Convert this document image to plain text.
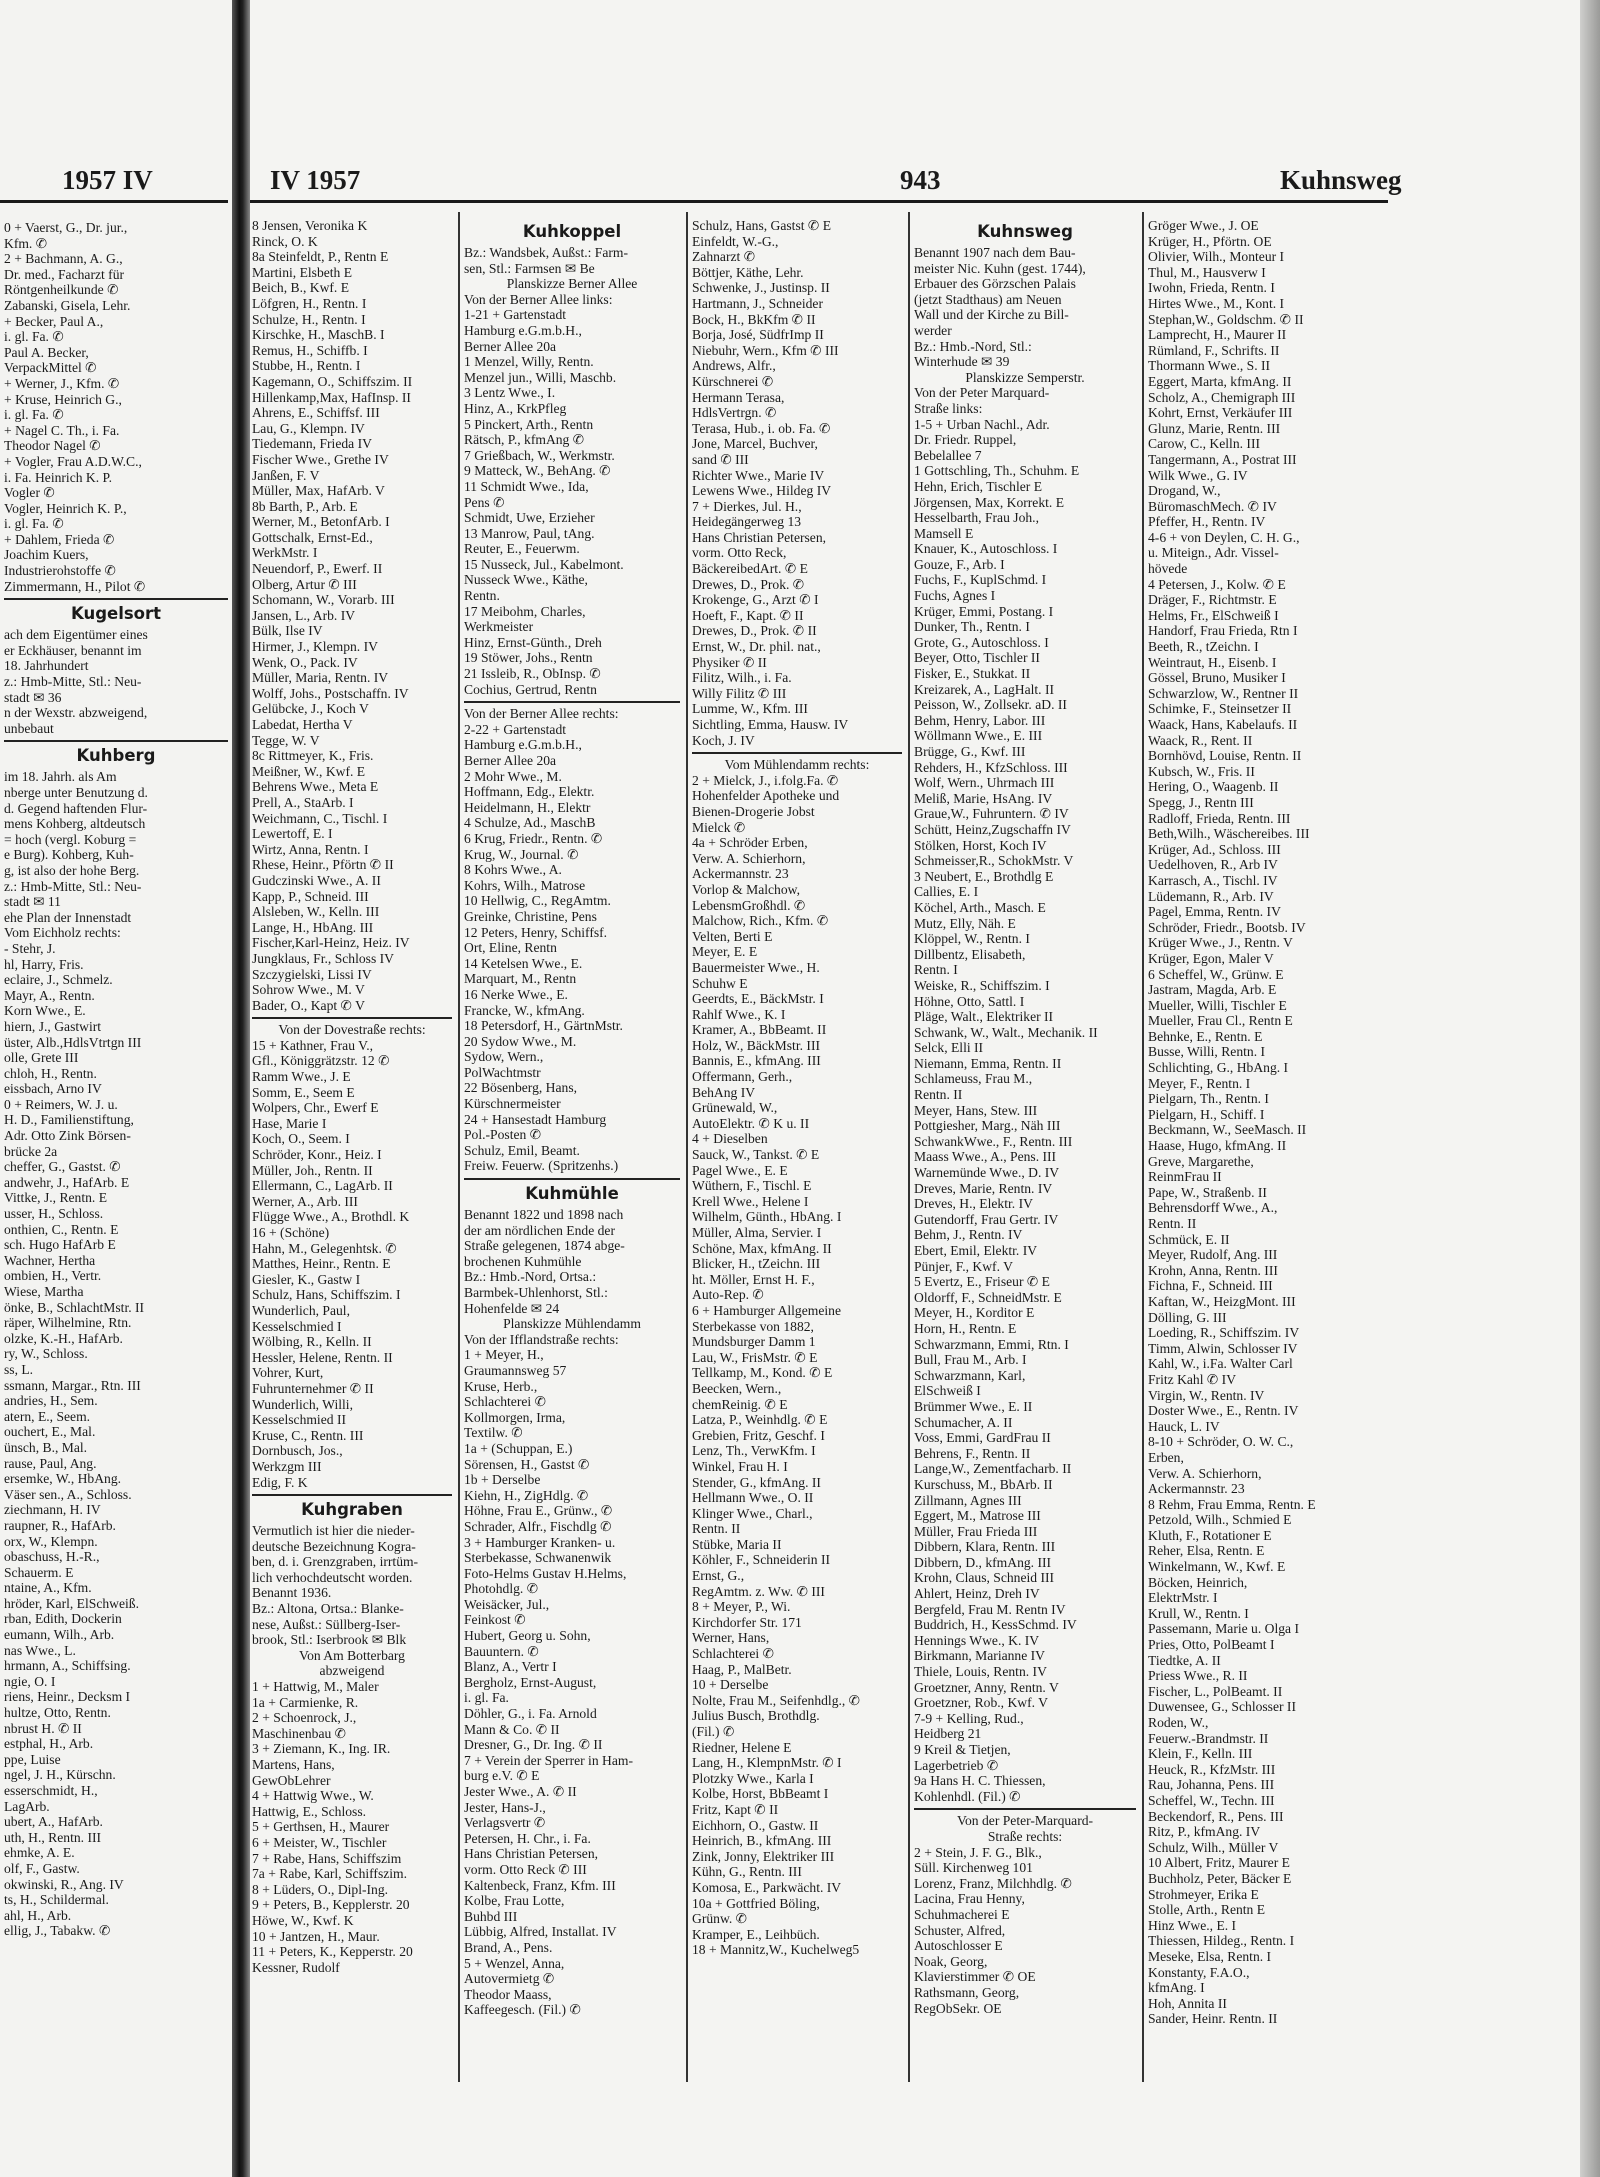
1957 IV
0 + Vaerst, G., Dr. jur.,
Kfm. ✆
2 + Bachmann, A. G.,
Dr. med., Facharzt für
Röntgenheilkunde ✆
Zabanski, Gisela, Lehr.
+ Becker, Paul A.,
i. gl. Fa. ✆
Paul A. Becker,
VerpackMittel ✆
+ Werner, J., Kfm. ✆
+ Kruse, Heinrich G.,
i. gl. Fa. ✆
+ Nagel C. Th., i. Fa.
Theodor Nagel ✆
+ Vogler, Frau A.D.W.C.,
i. Fa. Heinrich K. P.
Vogler ✆
Vogler, Heinrich K. P.,
i. gl. Fa. ✆
+ Dahlem, Frieda ✆
Joachim Kuers,
Industrierohstoffe ✆
Zimmermann, H., Pilot ✆
Kugelsort
ach dem Eigentümer eines
er Eckhäuser, benannt im
18. Jahrhundert
z.: Hmb-Mitte, Stl.: Neu-
stadt ✉ 36
n der Wexstr. abzweigend,
unbebaut
Kuhberg
im 18. Jahrh. als Am
nberge unter Benutzung d.
d. Gegend haftenden Flur-
mens Kohberg, altdeutsch
= hoch (vergl. Koburg =
e Burg). Kohberg, Kuh-
g, ist also der hohe Berg.
z.: Hmb-Mitte, Stl.: Neu-
stadt ✉ 11
ehe Plan der Innenstadt
Vom Eichholz rechts:
- Stehr, J.
hl, Harry, Fris.
eclaire, J., Schmelz.
Mayr, A., Rentn.
Korn Wwe., E.
hiern, J., Gastwirt
üster, Alb.,HdlsVtrtgn III
olle, Grete III
chloh, H., Rentn.
eissbach, Arno IV
0 + Reimers, W. J. u.
H. D., Familienstiftung,
Adr. Otto Zink Börsen-
brücke 2a
cheffer, G., Gastst. ✆
andwehr, J., HafArb. E
Vittke, J., Rentn. E
usser, H., Schloss.
onthien, C., Rentn. E
sch. Hugo HafArb E
Wachner, Hertha
ombien, H., Vertr.
Wiese, Martha
önke, B., SchlachtMstr. II
räper, Wilhelmine, Rtn.
olzke, K.-H., HafArb.
ry, W., Schloss.
ss, L.
ssmann, Margar., Rtn. III
andries, H., Sem.
atern, E., Seem.
ouchert, E., Mal.
ünsch, B., Mal.
rause, Paul, Ang.
ersemke, W., HbAng.
Väser sen., A., Schloss.
ziechmann, H. IV
raupner, R., HafArb.
orx, W., Klempn.
obaschuss, H.-R.,
Schauerm. E
ntaine, A., Kfm.
hröder, Karl, ElSchweiß.
rban, Edith, Dockerin
eumann, Wilh., Arb.
nas Wwe., L.
hrmann, A., Schiffsing.
ngie, O. I
riens, Heinr., Decksm I
hultze, Otto, Rentn.
nbrust H. ✆ II
estphal, H., Arb.
ppe, Luise
ngel, J. H., Kürschn.
esserschmidt, H.,
LagArb.
ubert, A., HafArb.
uth, H., Rentn. III
ehmke, A. E.
olf, F., Gastw.
okwinski, R., Ang. IV
ts, H., Schildermal.
ahl, H., Arb.
ellig, J., Tabakw. ✆
IV 1957	943	Kuhnsweg
8 Jensen, Veronika K
Rinck, O. K
8a Steinfeldt, P., Rentn E
Martini, Elsbeth E
Beich, B., Kwf. E
Löfgren, H., Rentn. I
Schulze, H., Rentn. I
Kirschke, H., MaschB. I
Remus, H., Schiffb. I
Stubbe, H., Rentn. I
Kagemann, O., Schiffszim. II
Hillenkamp,Max, HafInsp. II
Ahrens, E., Schiffsf. III
Lau, G., Klempn. IV
Tiedemann, Frieda IV
Fischer Wwe., Grethe IV
Janßen, F. V
Müller, Max, HafArb. V
8b Barth, P., Arb. E
Werner, M., BetonfArb. I
Gottschalk, Ernst-Ed.,
WerkMstr. I
Neuendorf, P., Ewerf. II
Olberg, Artur ✆ III
Schomann, W., Vorarb. III
Jansen, L., Arb. IV
Bülk, Ilse IV
Hirmer, J., Klempn. IV
Wenk, O., Pack. IV
Müller, Maria, Rentn. IV
Wolff, Johs., Postschaffn. IV
Gelübcke, J., Koch V
Labedat, Hertha V
Tegge, W. V
8c Rittmeyer, K., Fris.
Meißner, W., Kwf. E
Behrens Wwe., Meta E
Prell, A., StaArb. I
Weichmann, C., Tischl. I
Lewertoff, E. I
Wirtz, Anna, Rentn. I
Rhese, Heinr., Pförtn ✆ II
Gudczinski Wwe., A. II
Kapp, P., Schneid. III
Alsleben, W., Kelln. III
Lange, H., HbAng. III
Fischer,Karl-Heinz, Heiz. IV
Jungklaus, Fr., Schloss IV
Szczygielski, Lissi IV
Sohrow Wwe., M. V
Bader, O., Kapt ✆ V
Von der Dovestraße rechts:
15 + Kathner, Frau V.,
Gfl., Königgrätzstr. 12 ✆
Ramm Wwe., J. E
Somm, E., Seem E
Wolpers, Chr., Ewerf E
Hase, Marie I
Koch, O., Seem. I
Schröder, Konr., Heiz. I
Müller, Joh., Rentn. II
Ellermann, C., LagArb. II
Werner, A., Arb. III
Flügge Wwe., A., Brothdl. K
16 + (Schöne)
Hahn, M., Gelegenhtsk. ✆
Matthes, Heinr., Rentn. E
Giesler, K., Gastw I
Schulz, Hans, Schiffszim. I
Wunderlich, Paul,
Kesselschmied I
Wölbing, R., Kelln. II
Hessler, Helene, Rentn. II
Vohrer, Kurt,
Fuhrunternehmer ✆ II
Wunderlich, Willi,
Kesselschmied II
Kruse, C., Rentn. III
Dornbusch, Jos.,
Werkzgm III
Edig, F. K
Kuhgraben
Vermutlich ist hier die nieder-
deutsche Bezeichnung Kogra-
ben, d. i. Grenzgraben, irrtüm-
lich verhochdeutscht worden.
Benannt 1936.
Bz.: Altona, Ortsa.: Blanke-
nese, Außst.: Süllberg-Iser-
brook, Stl.: Iserbrook ✉ Blk
Von Am Botterbarg
abzweigend
1 + Hattwig, M., Maler
1a + Carmienke, R.
2 + Schoenrock, J.,
Maschinenbau ✆
3 + Ziemann, K., Ing. IR.
Martens, Hans,
GewObLehrer
4 + Hattwig Wwe., W.
Hattwig, E., Schloss.
5 + Gerthsen, H., Maurer
6 + Meister, W., Tischler
7 + Rabe, Hans, Schiffszim
7a + Rabe, Karl, Schiffszim.
8 + Lüders, O., Dipl-Ing.
9 + Peters, B., Kepplerstr. 20
Höwe, W., Kwf. K
10 + Jantzen, H., Maur.
11 + Peters, K., Kepperstr. 20
Kessner, Rudolf
Kuhkoppel
Bz.: Wandsbek, Außst.: Farm-
sen, Stl.: Farmsen ✉ Be
Planskizze Berner Allee
Von der Berner Allee links:
1-21 + Gartenstadt
Hamburg e.G.m.b.H.,
Berner Allee 20a
1 Menzel, Willy, Rentn.
Menzel jun., Willi, Maschb.
3 Lentz Wwe., I.
Hinz, A., KrkPfleg
5 Pinckert, Arth., Rentn
Rätsch, P., kfmAng ✆
7 Grießbach, W., Werkmstr.
9 Matteck, W., BehAng. ✆
11 Schmidt Wwe., Ida,
Pens ✆
Schmidt, Uwe, Erzieher
13 Manrow, Paul, tAng.
Reuter, E., Feuerwm.
15 Nusseck, Jul., Kabelmont.
Nusseck Wwe., Käthe,
Rentn.
17 Meibohm, Charles,
Werkmeister
Hinz, Ernst-Günth., Dreh
19 Stöwer, Johs., Rentn
21 Issleib, R., ObInsp. ✆
Cochius, Gertrud, Rentn
Von der Berner Allee rechts:
2-22 + Gartenstadt
Hamburg e.G.m.b.H.,
Berner Allee 20a
2 Mohr Wwe., M.
Hoffmann, Edg., Elektr.
Heidelmann, H., Elektr
4 Schulze, Ad., MaschB
6 Krug, Friedr., Rentn. ✆
Krug, W., Journal. ✆
8 Kohrs Wwe., A.
Kohrs, Wilh., Matrose
10 Hellwig, C., RegAmtm.
Greinke, Christine, Pens
12 Peters, Henry, Schiffsf.
Ort, Eline, Rentn
14 Ketelsen Wwe., E.
Marquart, M., Rentn
16 Nerke Wwe., E.
Francke, W., kfmAng.
18 Petersdorf, H., GärtnMstr.
20 Sydow Wwe., M.
Sydow, Wern.,
PolWachtmstr
22 Bösenberg, Hans,
Kürschnermeister
24 + Hansestadt Hamburg
Pol.-Posten ✆
Schulz, Emil, Beamt.
Freiw. Feuerw. (Spritzenhs.)
Kuhmühle
Benannt 1822 und 1898 nach
der am nördlichen Ende der
Straße gelegenen, 1874 abge-
brochenen Kuhmühle
Bz.: Hmb.-Nord, Ortsa.:
Barmbek-Uhlenhorst, Stl.:
Hohenfelde ✉ 24
Planskizze Mühlendamm
Von der Ifflandstraße rechts:
1 + Meyer, H.,
Graumannsweg 57
Kruse, Herb.,
Schlachterei ✆
Kollmorgen, Irma,
Textilw. ✆
1a + (Schuppan, E.)
Sörensen, H., Gastst ✆
1b + Derselbe
Kiehn, H., ZigHdlg. ✆
Höhne, Frau E., Grünw., ✆
Schrader, Alfr., Fischdlg ✆
3 + Hamburger Kranken- u.
Sterbekasse, Schwanenwik
Foto-Helms Gustav H.Helms,
Photohdlg. ✆
Weisäcker, Jul.,
Feinkost ✆
Hubert, Georg u. Sohn,
Bauuntern. ✆
Blanz, A., Vertr I
Bergholz, Ernst-August,
i. gl. Fa.
Döhler, G., i. Fa. Arnold
Mann & Co. ✆ II
Dresner, G., Dr. Ing. ✆ II
7 + Verein der Sperrer in Ham-
burg e.V. ✆ E
Jester Wwe., A. ✆ II
Jester, Hans-J.,
Verlagsvertr ✆
Petersen, H. Chr., i. Fa.
Hans Christian Petersen,
vorm. Otto Reck ✆ III
Kaltenbeck, Franz, Kfm. III
Kolbe, Frau Lotte,
Buhbd III
Lübbig, Alfred, Installat. IV
Brand, A., Pens.
5 + Wenzel, Anna,
Autovermietg ✆
Theodor Maass,
Kaffeegesch. (Fil.) ✆
Schulz, Hans, Gastst ✆ E
Einfeldt, W.-G.,
Zahnarzt ✆
Böttjer, Käthe, Lehr.
Schwenke, J., Justinsp. II
Hartmann, J., Schneider
Bock, H., BkKfm ✆ II
Borja, José, SüdfrImp II
Niebuhr, Wern., Kfm ✆ III
Andrews, Alfr.,
Kürschnerei ✆
Hermann Terasa,
HdlsVertrgn. ✆
Terasa, Hub., i. ob. Fa. ✆
Jone, Marcel, Buchver,
sand ✆ III
Richter Wwe., Marie IV
Lewens Wwe., Hildeg IV
7 + Dierkes, Jul. H.,
Heidegängerweg 13
Hans Christian Petersen,
vorm. Otto Reck,
BäckereibedArt. ✆ E
Drewes, D., Prok. ✆
Krokenge, G., Arzt ✆ I
Hoeft, F., Kapt. ✆ II
Drewes, D., Prok. ✆ II
Ernst, W., Dr. phil. nat.,
Physiker ✆ II
Filitz, Wilh., i. Fa.
Willy Filitz ✆ III
Lumme, W., Kfm. III
Sichtling, Emma, Hausw. IV
Koch, J. IV
Vom Mühlendamm rechts:
2 + Mielck, J., i.folg.Fa. ✆
Hohenfelder Apotheke und
Bienen-Drogerie Jobst
Mielck ✆
4a + Schröder Erben,
Verw. A. Schierhorn,
Ackermannstr. 23
Vorlop & Malchow,
LebensmGroßhdl. ✆
Malchow, Rich., Kfm. ✆
Velten, Berti E
Meyer, E. E
Bauermeister Wwe., H.
Schuhw E
Geerdts, E., BäckMstr. I
Rahlf Wwe., K. I
Kramer, A., BbBeamt. II
Holz, W., BäckMstr. III
Bannis, E., kfmAng. III
Offermann, Gerh.,
BehAng IV
Grünewald, W.,
AutoElektr. ✆ K u. II
4 + Dieselben
Sauck, W., Tankst. ✆ E
Pagel Wwe., E. E
Wüthern, F., Tischl. E
Krell Wwe., Helene I
Wilhelm, Günth., HbAng. I
Müller, Alma, Servier. I
Schöne, Max, kfmAng. II
Blicker, H., tZeichn. III
ht. Möller, Ernst H. F.,
Auto-Rep. ✆
6 + Hamburger Allgemeine
Sterbekasse von 1882,
Mundsburger Damm 1
Lau, W., FrisMstr. ✆ E
Tellkamp, M., Kond. ✆ E
Beecken, Wern.,
chemReinig. ✆ E
Latza, P., Weinhdlg. ✆ E
Grebien, Fritz, Geschf. I
Lenz, Th., VerwKfm. I
Winkel, Frau H. I
Stender, G., kfmAng. II
Hellmann Wwe., O. II
Klinger Wwe., Charl.,
Rentn. II
Stübke, Maria II
Köhler, F., Schneiderin II
Ernst, G.,
RegAmtm. z. Ww. ✆ III
8 + Meyer, P., Wi.
Kirchdorfer Str. 171
Werner, Hans,
Schlachterei ✆
Haag, P., MalBetr.
10 + Derselbe
Nolte, Frau M., Seifenhdlg., ✆
Julius Busch, Brothdlg.
(Fil.) ✆
Riedner, Helene E
Lang, H., KlempnMstr. ✆ I
Plotzky Wwe., Karla I
Kolbe, Horst, BbBeamt I
Fritz, Kapt ✆ II
Eichhorn, O., Gastw. II
Heinrich, B., kfmAng. III
Zink, Jonny, Elektriker III
Kühn, G., Rentn. III
Komosa, E., Parkwächt. IV
10a + Gottfried Böling,
Grünw. ✆
Kramper, E., Leihbüch.
18 + Mannitz,W., Kuchelweg5
Kuhnsweg
Benannt 1907 nach dem Bau-
meister Nic. Kuhn (gest. 1744),
Erbauer des Görzschen Palais
(jetzt Stadthaus) am Neuen
Wall und der Kirche zu Bill-
werder
Bz.: Hmb.-Nord, Stl.:
Winterhude ✉ 39
Planskizze Semperstr.
Von der Peter Marquard-
Straße links:
1-5 + Urban Nachl., Adr.
Dr. Friedr. Ruppel,
Bebelallee 7
1 Gottschling, Th., Schuhm. E
Hehn, Erich, Tischler E
Jörgensen, Max, Korrekt. E
Hesselbarth, Frau Joh.,
Mamsell E
Knauer, K., Autoschloss. I
Gouze, F., Arb. I
Fuchs, F., KuplSchmd. I
Fuchs, Agnes I
Krüger, Emmi, Postang. I
Dunker, Th., Rentn. I
Grote, G., Autoschloss. I
Beyer, Otto, Tischler II
Fisker, E., Stukkat. II
Kreizarek, A., LagHalt. II
Peisson, W., Zollsekr. aD. II
Behm, Henry, Labor. III
Wöllmann Wwe., E. III
Brügge, G., Kwf. III
Rehders, H., KfzSchloss. III
Wolf, Wern., Uhrmach III
Meliß, Marie, HsAng. IV
Graue,W., Fuhruntern. ✆ IV
Schütt, Heinz,Zugschaffn IV
Stölken, Horst, Koch IV
Schmeisser,R., SchokMstr. V
3 Neubert, E., Brothdlg E
Callies, E. I
Köchel, Arth., Masch. E
Mutz, Elly, Näh. E
Klöppel, W., Rentn. I
Dillbentz, Elisabeth,
Rentn. I
Weiske, R., Schiffszim. I
Höhne, Otto, Sattl. I
Pläge, Walt., Elektriker II
Schwank, W., Walt., Mechanik. II
Selck, Elli II
Niemann, Emma, Rentn. II
Schlameuss, Frau M.,
Rentn. II
Meyer, Hans, Stew. III
Pottgiesher, Marg., Näh III
SchwankWwe., F., Rentn. III
Maass Wwe., A., Pens. III
Warnemünde Wwe., D. IV
Dreves, Marie, Rentn. IV
Dreves, H., Elektr. IV
Gutendorff, Frau Gertr. IV
Behm, J., Rentn. IV
Ebert, Emil, Elektr. IV
Pünjer, F., Kwf. V
5 Evertz, E., Friseur ✆ E
Oldorff, F., SchneidMstr. E
Meyer, H., Korditor E
Horn, H., Rentn. E
Schwarzmann, Emmi, Rtn. I
Bull, Frau M., Arb. I
Schwarzmann, Karl,
ElSchweiß I
Brümmer Wwe., E. II
Schumacher, A. II
Voss, Emmi, GardFrau II
Behrens, F., Rentn. II
Lange,W., Zementfacharb. II
Kurschuss, M., BbArb. II
Zillmann, Agnes III
Eggert, M., Matrose III
Müller, Frau Frieda III
Dibbern, Klara, Rentn. III
Dibbern, D., kfmAng. III
Krohn, Claus, Schneid III
Ahlert, Heinz, Dreh IV
Bergfeld, Frau M. Rentn IV
Buddrich, H., KessSchmd. IV
Hennings Wwe., K. IV
Birkmann, Marianne IV
Thiele, Louis, Rentn. IV
Groetzner, Anny, Rentn. V
Groetzner, Rob., Kwf. V
7-9 + Kelling, Rud.,
Heidberg 21
9 Kreil & Tietjen,
Lagerbetrieb ✆
9a Hans H. C. Thiessen,
Kohlenhdl. (Fil.) ✆
Von der Peter-Marquard-
Straße rechts:
2 + Stein, J. F. G., Blk.,
Süll. Kirchenweg 101
Lorenz, Franz, Milchhdlg. ✆
Lacina, Frau Henny,
Schuhmacherei E
Schuster, Alfred,
Autoschlosser E
Noak, Georg,
Klavierstimmer ✆ OE
Rathsmann, Georg,
RegObSekr. OE
Gröger Wwe., J. OE
Krüger, H., Pförtn. OE
Olivier, Wilh., Monteur I
Thul, M., Hausverw I
Iwohn, Frieda, Rentn. I
Hirtes Wwe., M., Kont. I
Stephan,W., Goldschm. ✆ II
Lamprecht, H., Maurer II
Rümland, F., Schrifts. II
Thormann Wwe., S. II
Eggert, Marta, kfmAng. II
Scholz, A., Chemigraph III
Kohrt, Ernst, Verkäufer III
Glunz, Marie, Rentn. III
Carow, C., Kelln. III
Tangermann, A., Postrat III
Wilk Wwe., G. IV
Drogand, W.,
BüromaschMech. ✆ IV
Pfeffer, H., Rentn. IV
4-6 + von Deylen, C. H. G.,
u. Miteign., Adr. Vissel-
hövede
4 Petersen, J., Kolw. ✆ E
Dräger, F., Richtmstr. E
Helms, Fr., ElSchweiß I
Handorf, Frau Frieda, Rtn I
Beeth, R., tZeichn. I
Weintraut, H., Eisenb. I
Gössel, Bruno, Musiker I
Schwarzlow, W., Rentner II
Schimke, F., Steinsetzer II
Waack, Hans, Kabelaufs. II
Waack, R., Rent. II
Bornhövd, Louise, Rentn. II
Kubsch, W., Fris. II
Hering, O., Waagenb. II
Spegg, J., Rentn III
Radloff, Frieda, Rentn. III
Beth,Wilh., Wäschereibes. III
Krüger, Ad., Schloss. III
Uedelhoven, R., Arb IV
Karrasch, A., Tischl. IV
Lüdemann, R., Arb. IV
Pagel, Emma, Rentn. IV
Schröder, Friedr., Bootsb. IV
Krüger Wwe., J., Rentn. V
Krüger, Egon, Maler V
6 Scheffel, W., Grünw. E
Jastram, Magda, Arb. E
Mueller, Willi, Tischler E
Mueller, Frau Cl., Rentn E
Behnke, E., Rentn. E
Busse, Willi, Rentn. I
Schlichting, G., HbAng. I
Meyer, F., Rentn. I
Pielgarn, Th., Rentn. I
Pielgarn, H., Schiff. I
Beckmann, W., SeeMasch. II
Haase, Hugo, kfmAng. II
Greve, Margarethe,
ReinmFrau II
Pape, W., Straßenb. II
Behrensdorff Wwe., A.,
Rentn. II
Schmück, E. II
Meyer, Rudolf, Ang. III
Krohn, Anna, Rentn. III
Fichna, F., Schneid. III
Kaftan, W., HeizgMont. III
Dölling, G. III
Loeding, R., Schiffszim. IV
Timm, Alwin, Schlosser IV
Kahl, W., i.Fa. Walter Carl
Fritz Kahl ✆ IV
Virgin, W., Rentn. IV
Doster Wwe., E., Rentn. IV
Hauck, L. IV
8-10 + Schröder, O. W. C.,
Erben,
Verw. A. Schierhorn,
Ackermannstr. 23
8 Rehm, Frau Emma, Rentn. E
Petzold, Wilh., Schmied E
Kluth, F., Rotationer E
Reher, Elsa, Rentn. E
Winkelmann, W., Kwf. E
Böcken, Heinrich,
ElektrMstr. I
Krull, W., Rentn. I
Passemann, Marie u. Olga I
Pries, Otto, PolBeamt I
Tiedtke, A. II
Priess Wwe., R. II
Fischer, L., PolBeamt. II
Duwensee, G., Schlosser II
Roden, W.,
Feuerw.-Brandmstr. II
Klein, F., Kelln. III
Heuck, R., KfzMstr. III
Rau, Johanna, Pens. III
Scheffel, W., Techn. III
Beckendorf, R., Pens. III
Ritz, P., kfmAng. IV
Schulz, Wilh., Müller V
10 Albert, Fritz, Maurer E
Buchholz, Peter, Bäcker E
Strohmeyer, Erika E
Stolle, Arth., Rentn E
Hinz Wwe., E. I
Thiessen, Hildeg., Rentn. I
Meseke, Elsa, Rentn. I
Konstanty, F.A.O.,
kfmAng. I
Hoh, Annita II
Sander, Heinr. Rentn. II
